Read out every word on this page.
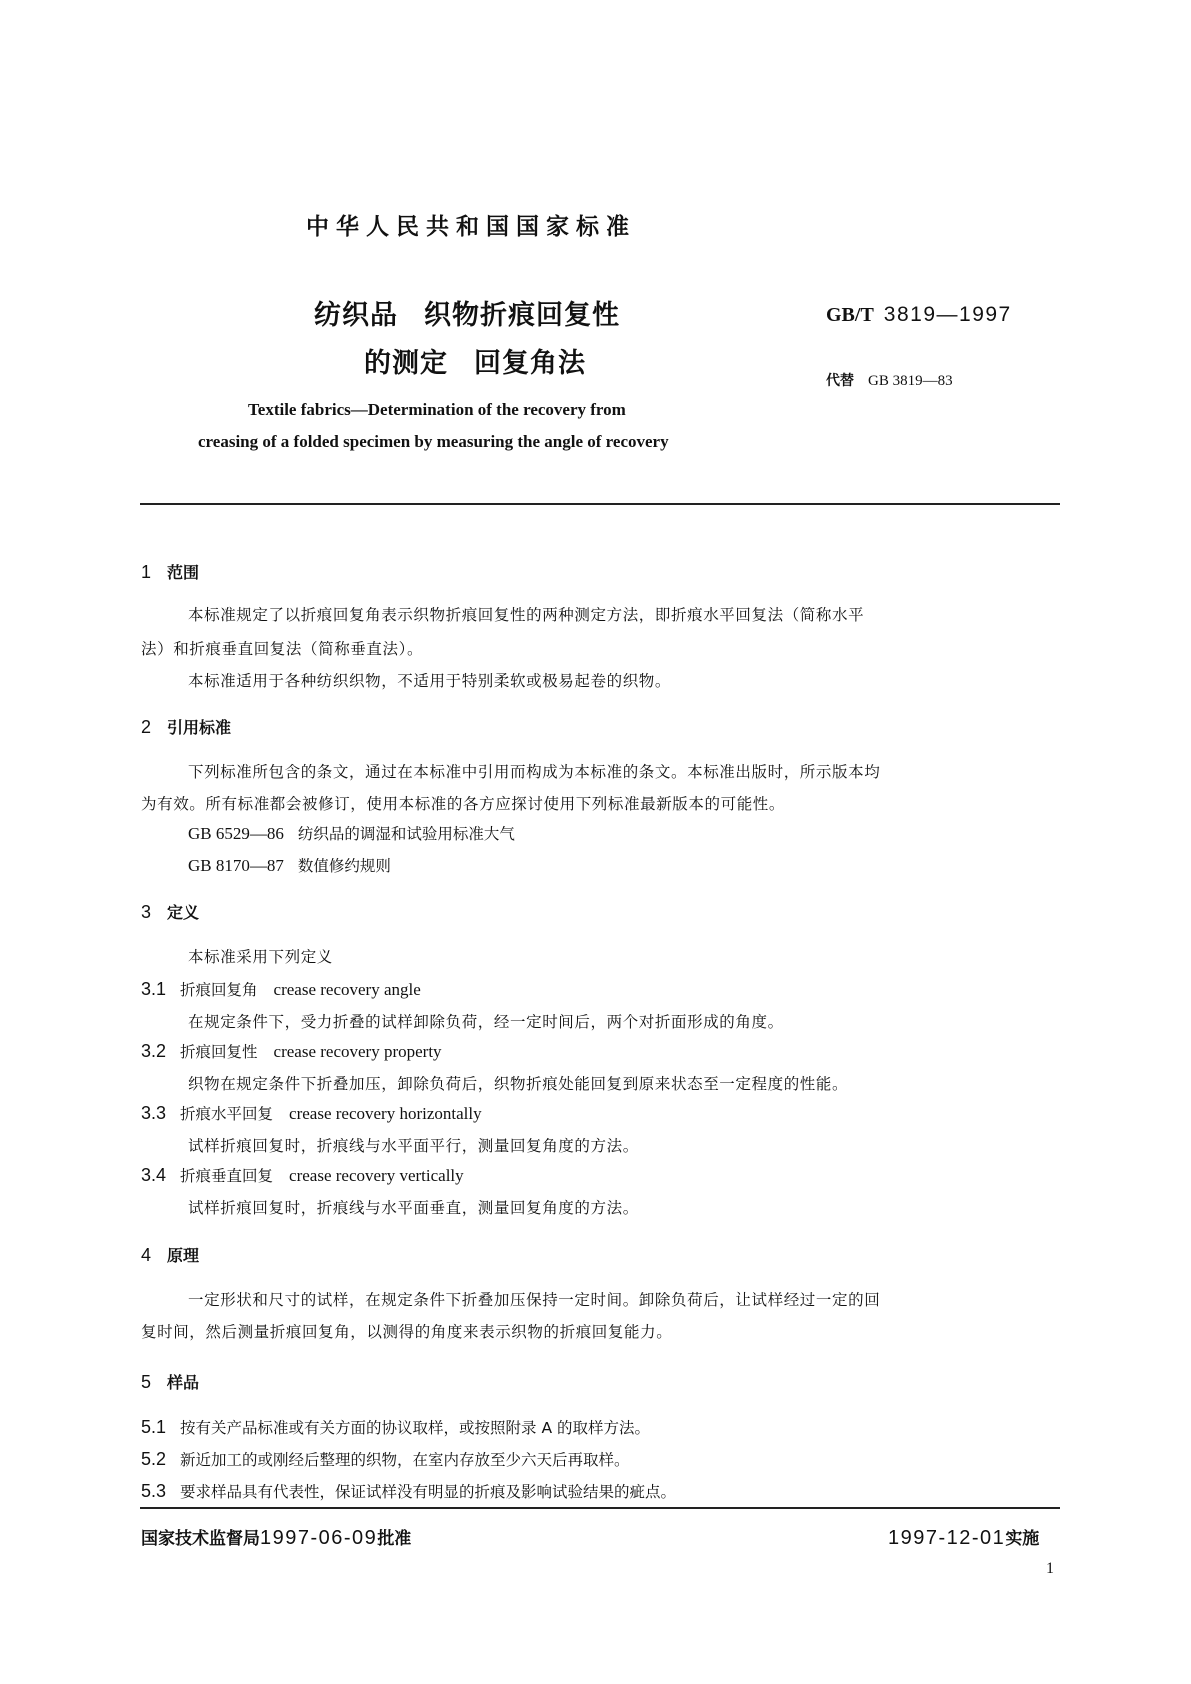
中华人民共和国国家标准
纺织品 织物折痕回复性
的测定 回复角法
GB/T 3819—1997
代替 GB 3819—83
Textile fabrics—Determination of the recovery from
creasing of a folded specimen by measuring the angle of recovery
1 范围
本标准规定了以折痕回复角表示织物折痕回复性的两种测定方法，即折痕水平回复法（简称水平
法）和折痕垂直回复法（简称垂直法）。
本标准适用于各种纺织织物，不适用于特别柔软或极易起卷的织物。
2 引用标准
下列标准所包含的条文，通过在本标准中引用而构成为本标准的条文。本标准出版时，所示版本均
为有效。所有标准都会被修订，使用本标准的各方应探讨使用下列标准最新版本的可能性。
GB 6529—86 纺织品的调湿和试验用标准大气
GB 8170—87 数值修约规则
3 定义
本标准采用下列定义
3.1 折痕回复角 crease recovery angle
在规定条件下，受力折叠的试样卸除负荷，经一定时间后，两个对折面形成的角度。
3.2 折痕回复性 crease recovery property
织物在规定条件下折叠加压，卸除负荷后，织物折痕处能回复到原来状态至一定程度的性能。
3.3 折痕水平回复 crease recovery horizontally
试样折痕回复时，折痕线与水平面平行，测量回复角度的方法。
3.4 折痕垂直回复 crease recovery vertically
试样折痕回复时，折痕线与水平面垂直，测量回复角度的方法。
4 原理
一定形状和尺寸的试样，在规定条件下折叠加压保持一定时间。卸除负荷后，让试样经过一定的回
复时间，然后测量折痕回复角，以测得的角度来表示织物的折痕回复能力。
5 样品
5.1 按有关产品标准或有关方面的协议取样，或按照附录 A 的取样方法。
5.2 新近加工的或刚经后整理的织物，在室内存放至少六天后再取样。
5.3 要求样品具有代表性，保证试样没有明显的折痕及影响试验结果的疵点。
国家技术监督局1997-06-09批准	1997-12-01实施
1
